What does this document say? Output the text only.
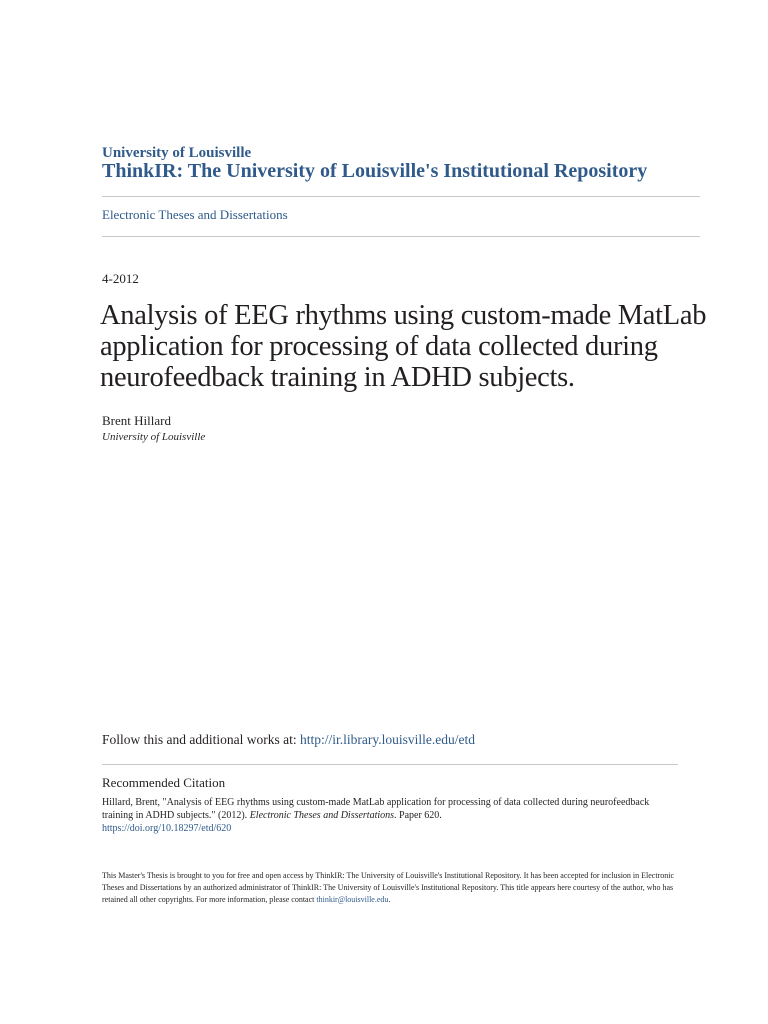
University of Louisville
ThinkIR: The University of Louisville's Institutional Repository
Electronic Theses and Dissertations
4-2012
Analysis of EEG rhythms using custom-made MatLab application for processing of data collected during neurofeedback training in ADHD subjects.
Brent Hillard
University of Louisville
Follow this and additional works at: http://ir.library.louisville.edu/etd
Recommended Citation
Hillard, Brent, "Analysis of EEG rhythms using custom-made MatLab application for processing of data collected during neurofeedback training in ADHD subjects." (2012). Electronic Theses and Dissertations. Paper 620.
https://doi.org/10.18297/etd/620
This Master's Thesis is brought to you for free and open access by ThinkIR: The University of Louisville's Institutional Repository. It has been accepted for inclusion in Electronic Theses and Dissertations by an authorized administrator of ThinkIR: The University of Louisville's Institutional Repository. This title appears here courtesy of the author, who has retained all other copyrights. For more information, please contact thinkir@louisville.edu.
